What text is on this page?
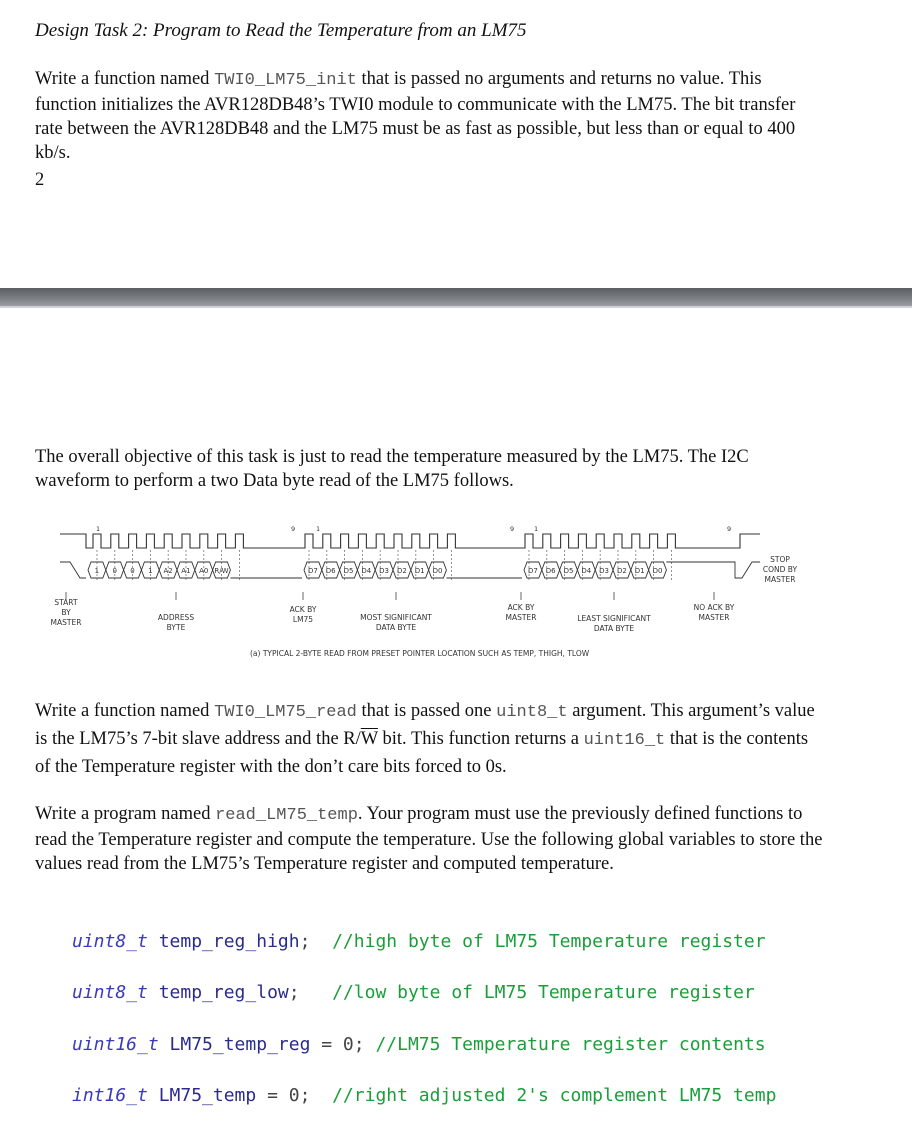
Design Task 2: Program to Read the Temperature from an LM75
Write a function named TWI0_LM75_init that is passed no arguments and returns no value. This function initializes the AVR128DB48’s TWI0 module to communicate with the LM75. The bit transfer rate between the AVR128DB48 and the LM75 must be as fast as possible, but less than or equal to 400 kb/s.
2
The overall objective of this task is just to read the temperature measured by the LM75. The I2C waveform to perform a two Data byte read of the LM75 follows.
1	9	1	9	1	9
1 0 0 1 A2 A1 A0 R/W	D7 D6 D5 D4 D3 D2 D1 D0	D7 D6 D5 D4 D3 D2 D1 D0
STOP
COND BY
MASTER
START
BY
MASTER
ADDRESS
BYTE
ACK BY
LM75	MOST SIGNIFICANT
DATA BYTE
ACK BY
MASTER	LEAST SIGNIFICANT
DATA BYTE
NO ACK BY
MASTER
(a) TYPICAL 2-BYTE READ FROM PRESET POINTER LOCATION SUCH AS TEMP, THIGH, TLOW
Write a function named TWI0_LM75_read that is passed one uint8_t argument. This argument’s value is the LM75’s 7-bit slave address and the $R/\overline{W}$ bit. This function returns a uint16_t that is the contents of the Temperature register with the don’t care bits forced to 0s.
Write a program named read_LM75_temp. Your program must use the previously defined functions to read the Temperature register and compute the temperature. Use the following global variables to store the values read from the LM75’s Temperature register and computed temperature.

uint8_t temp_reg_high;  //high byte of LM75 Temperature register

uint8_t temp_reg_low;   //low byte of LM75 Temperature register

uint16_t LM75_temp_reg = 0; //LM75 Temperature register contents

int16_t LM75_temp = 0;  //right adjusted 2's complement LM75 temp
